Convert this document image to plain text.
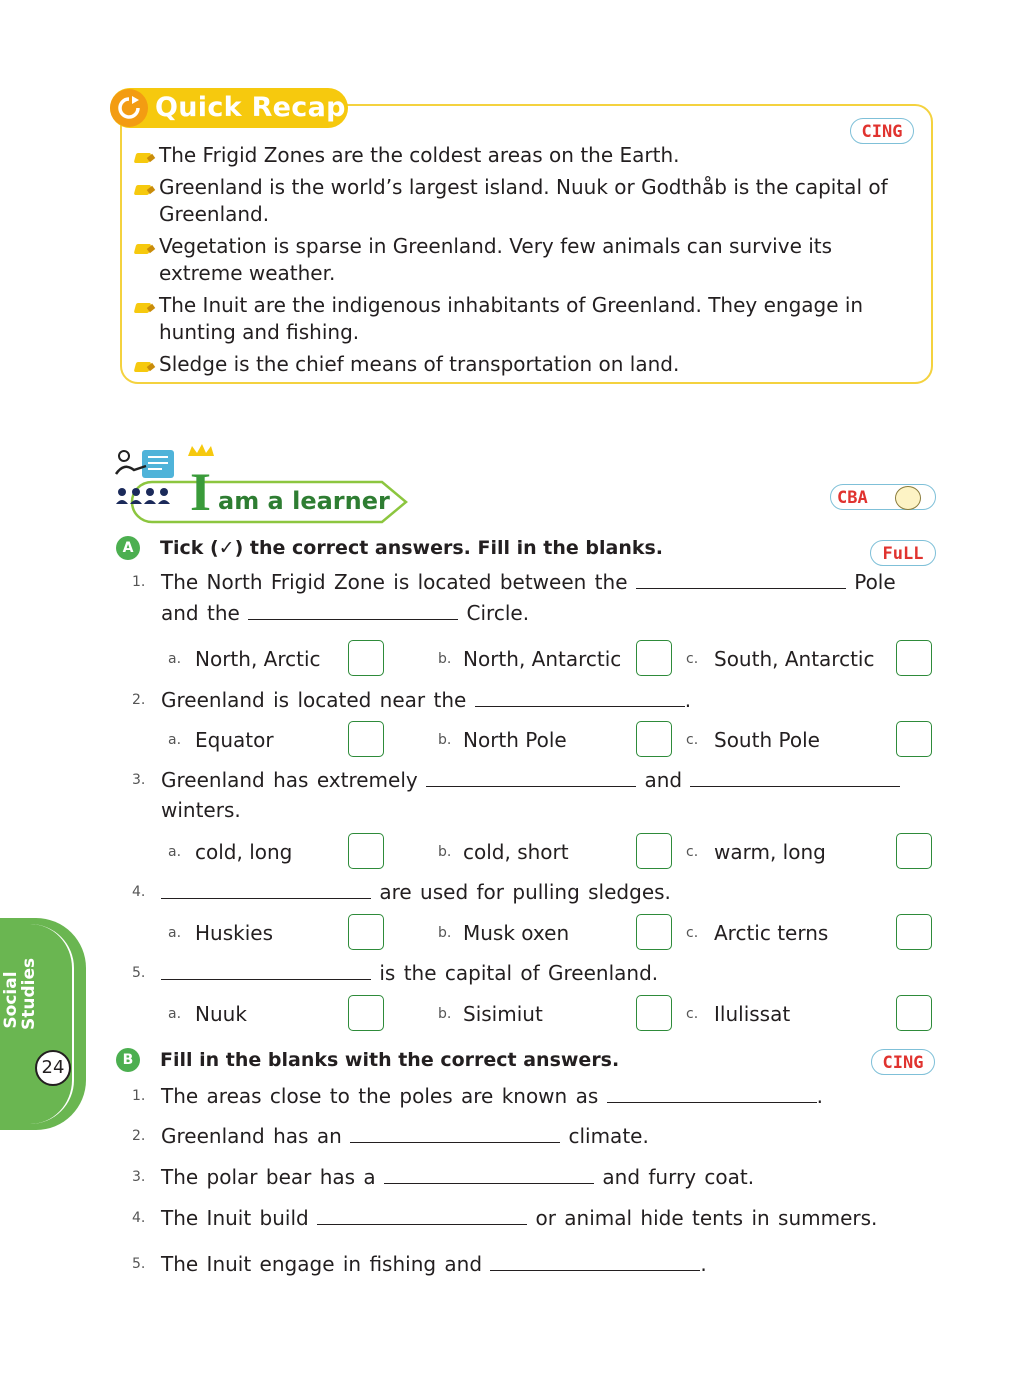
Quick Recap
CING
The Frigid Zones are the coldest areas on the Earth.
Greenland is the world’s largest island. Nuuk or Godthåb is the capital of Greenland.
Vegetation is sparse in Greenland. Very few animals can survive its extreme weather.
The Inuit are the indigenous inhabitants of Greenland. They engage in hunting and fishing.
Sledge is the chief means of transportation on land.
I am a learner	CBA
A	Tick (✓) the correct answers. Fill in the blanks.	FuLL
1. The North Frigid Zone is located between the	Pole
and the	Circle.
a. North, Arctic	b. North, Antarctic	c. South, Antarctic
2. Greenland is located near the	.
a. Equator	b. North Pole	c. South Pole
3. Greenland has extremely	and
winters.
a. cold, long	b. cold, short	c. warm, long
4.	are used for pulling sledges.
a. Huskies	b. Musk oxen	c. Arctic terns
5.	is the capital of Greenland.
a. Nuuk	b. Sisimiut	c. Ilulissat
B	Fill in the blanks with the correct answers.	CING
1. The areas close to the poles are known as	.
2. Greenland has an	climate.
3. The polar bear has a	and furry coat.
4. The Inuit build	or animal hide tents in summers.
5. The Inuit engage in fishing and	.
Social Studies
24
